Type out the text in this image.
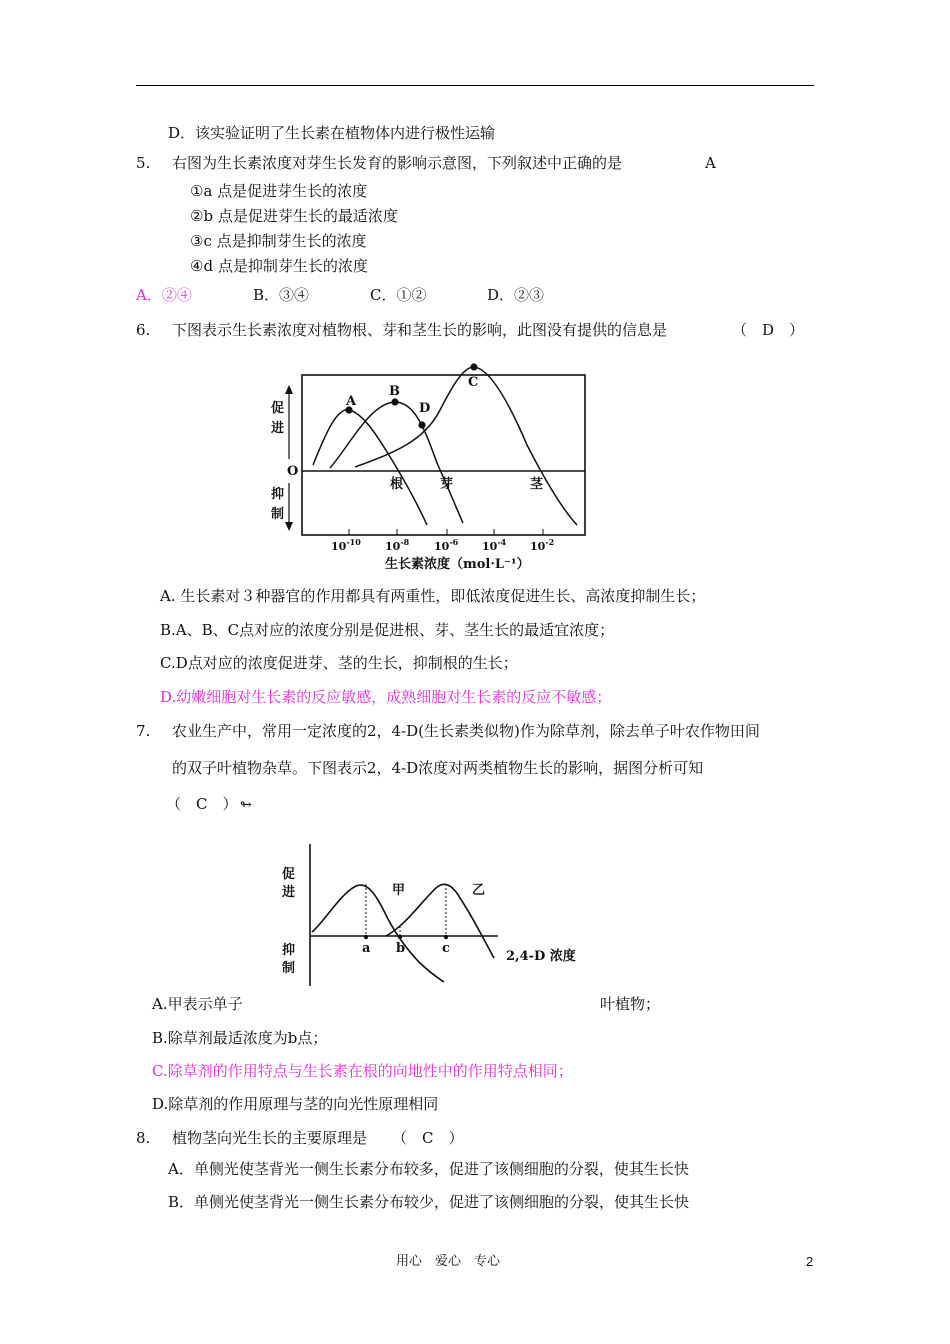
D．该实验证明了生长素在植物体内进行极性运输
5. 右图为生长素浓度对芽生长发育的影响示意图，下列叙述中正确的是	A
①a 点是促进芽生长的浓度
②b 点是促进芽生长的最适浓度
③c 点是抑制芽生长的浓度
④d 点是抑制芽生长的浓度
A．②④	B．③④	C．①②	D．②③
6. 下图表示生长素浓度对植物根、芽和茎生长的影响，此图没有提供的信息是	（　D　）
促
进
抑
制
O
A
B
C
D
根	芽	茎
$10^{-10}$ $10^{-8}$ $10^{-6}$ $10^{-4}$ $10^{-2}$
生长素浓度（mol·L⁻¹）
A. 生长素对３种器官的作用都具有两重性，即低浓度促进生长、高浓度抑制生长；
B.A、B、C点对应的浓度分别是促进根、芽、茎生长的最适宜浓度；
C.D点对应的浓度促进芽、茎的生长，抑制根的生长；
D.幼嫩细胞对生长素的反应敏感，成熟细胞对生长素的反应不敏感；
7. 农业生产中，常用一定浓度的2，4-D(生长素类似物)作为除草剂，除去单子叶农作物田间
的双子叶植物杂草。下图表示2，4-D浓度对两类植物生长的影响，据图分析可知
（　C　） ↬
促
进
抑
制
a b	c
甲	乙
2,4-D 浓度
A.甲表示单子	叶植物；
B.除草剂最适浓度为b点；
C.除草剂的作用特点与生长素在根的向地性中的作用特点相同；
D.除草剂的作用原理与茎的向光性原理相同
8. 植物茎向光生长的主要原理是 （　C　）
A．单侧光使茎背光一侧生长素分布较多，促进了该侧细胞的分裂，使其生长快
B．单侧光使茎背光一侧生长素分布较少，促进了该侧细胞的分裂，使其生长快
用心　爱心　专心	2
